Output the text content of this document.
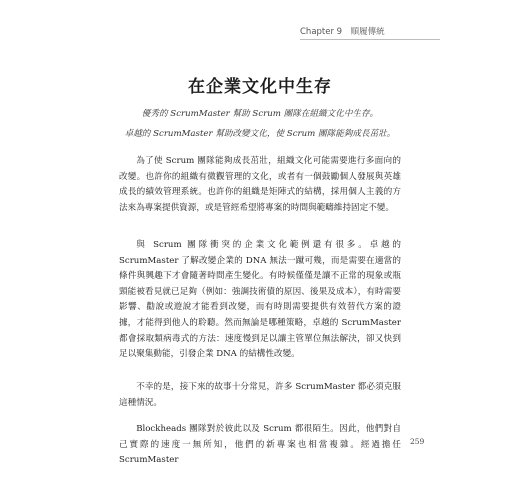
Chapter 9　順履傳統
在企業文化中生存
優秀的 ScrumMaster 幫助 Scrum 團隊在組織文化中生存。
卓越的 ScrumMaster 幫助改變文化，使 Scrum 團隊能夠成長茁壯。

為了使 Scrum 團隊能夠成長茁壯，組織文化可能需要進行多面向的改變。也許你的組織有微觀管理的文化，或者有一個鼓勵個人發展與英雄成長的績效管理系統。也許你的組織是矩陣式的結構，採用個人主義的方法來為專案提供資源，或是管經希望將專案的時間與範疇維持固定不變。

與 Scrum 團隊衝突的企業文化範例還有很多。卓越的 ScrumMaster 了解改變企業的 DNA 無法一蹴可幾，而是需要在適當的條件與興趣下才會隨著時間產生變化。有時候僅僅是讓不正常的現象或瓶頸能被看見就已足夠（例如：強調技術債的原因、後果及成本），有時需要影響、勸說或遊說才能看到改變，而有時則需要提供有效替代方案的證據，才能得到他人的聆聽。然而無論是哪種策略，卓越的 ScrumMaster 都會採取類病毒式的方法：速度慢到足以讓主管單位無法解決，卻又快到足以聚集動能，引發企業 DNA 的結構性改變。

不幸的是，接下來的故事十分常見，許多 ScrumMaster 都必須克服這種情況。

Blockheads 團隊對於彼此以及 Scrum 都很陌生。因此，他們對自己實際的速度一無所知，他們的新專案也相當複雜。經過擔任 ScrumMaster

259
